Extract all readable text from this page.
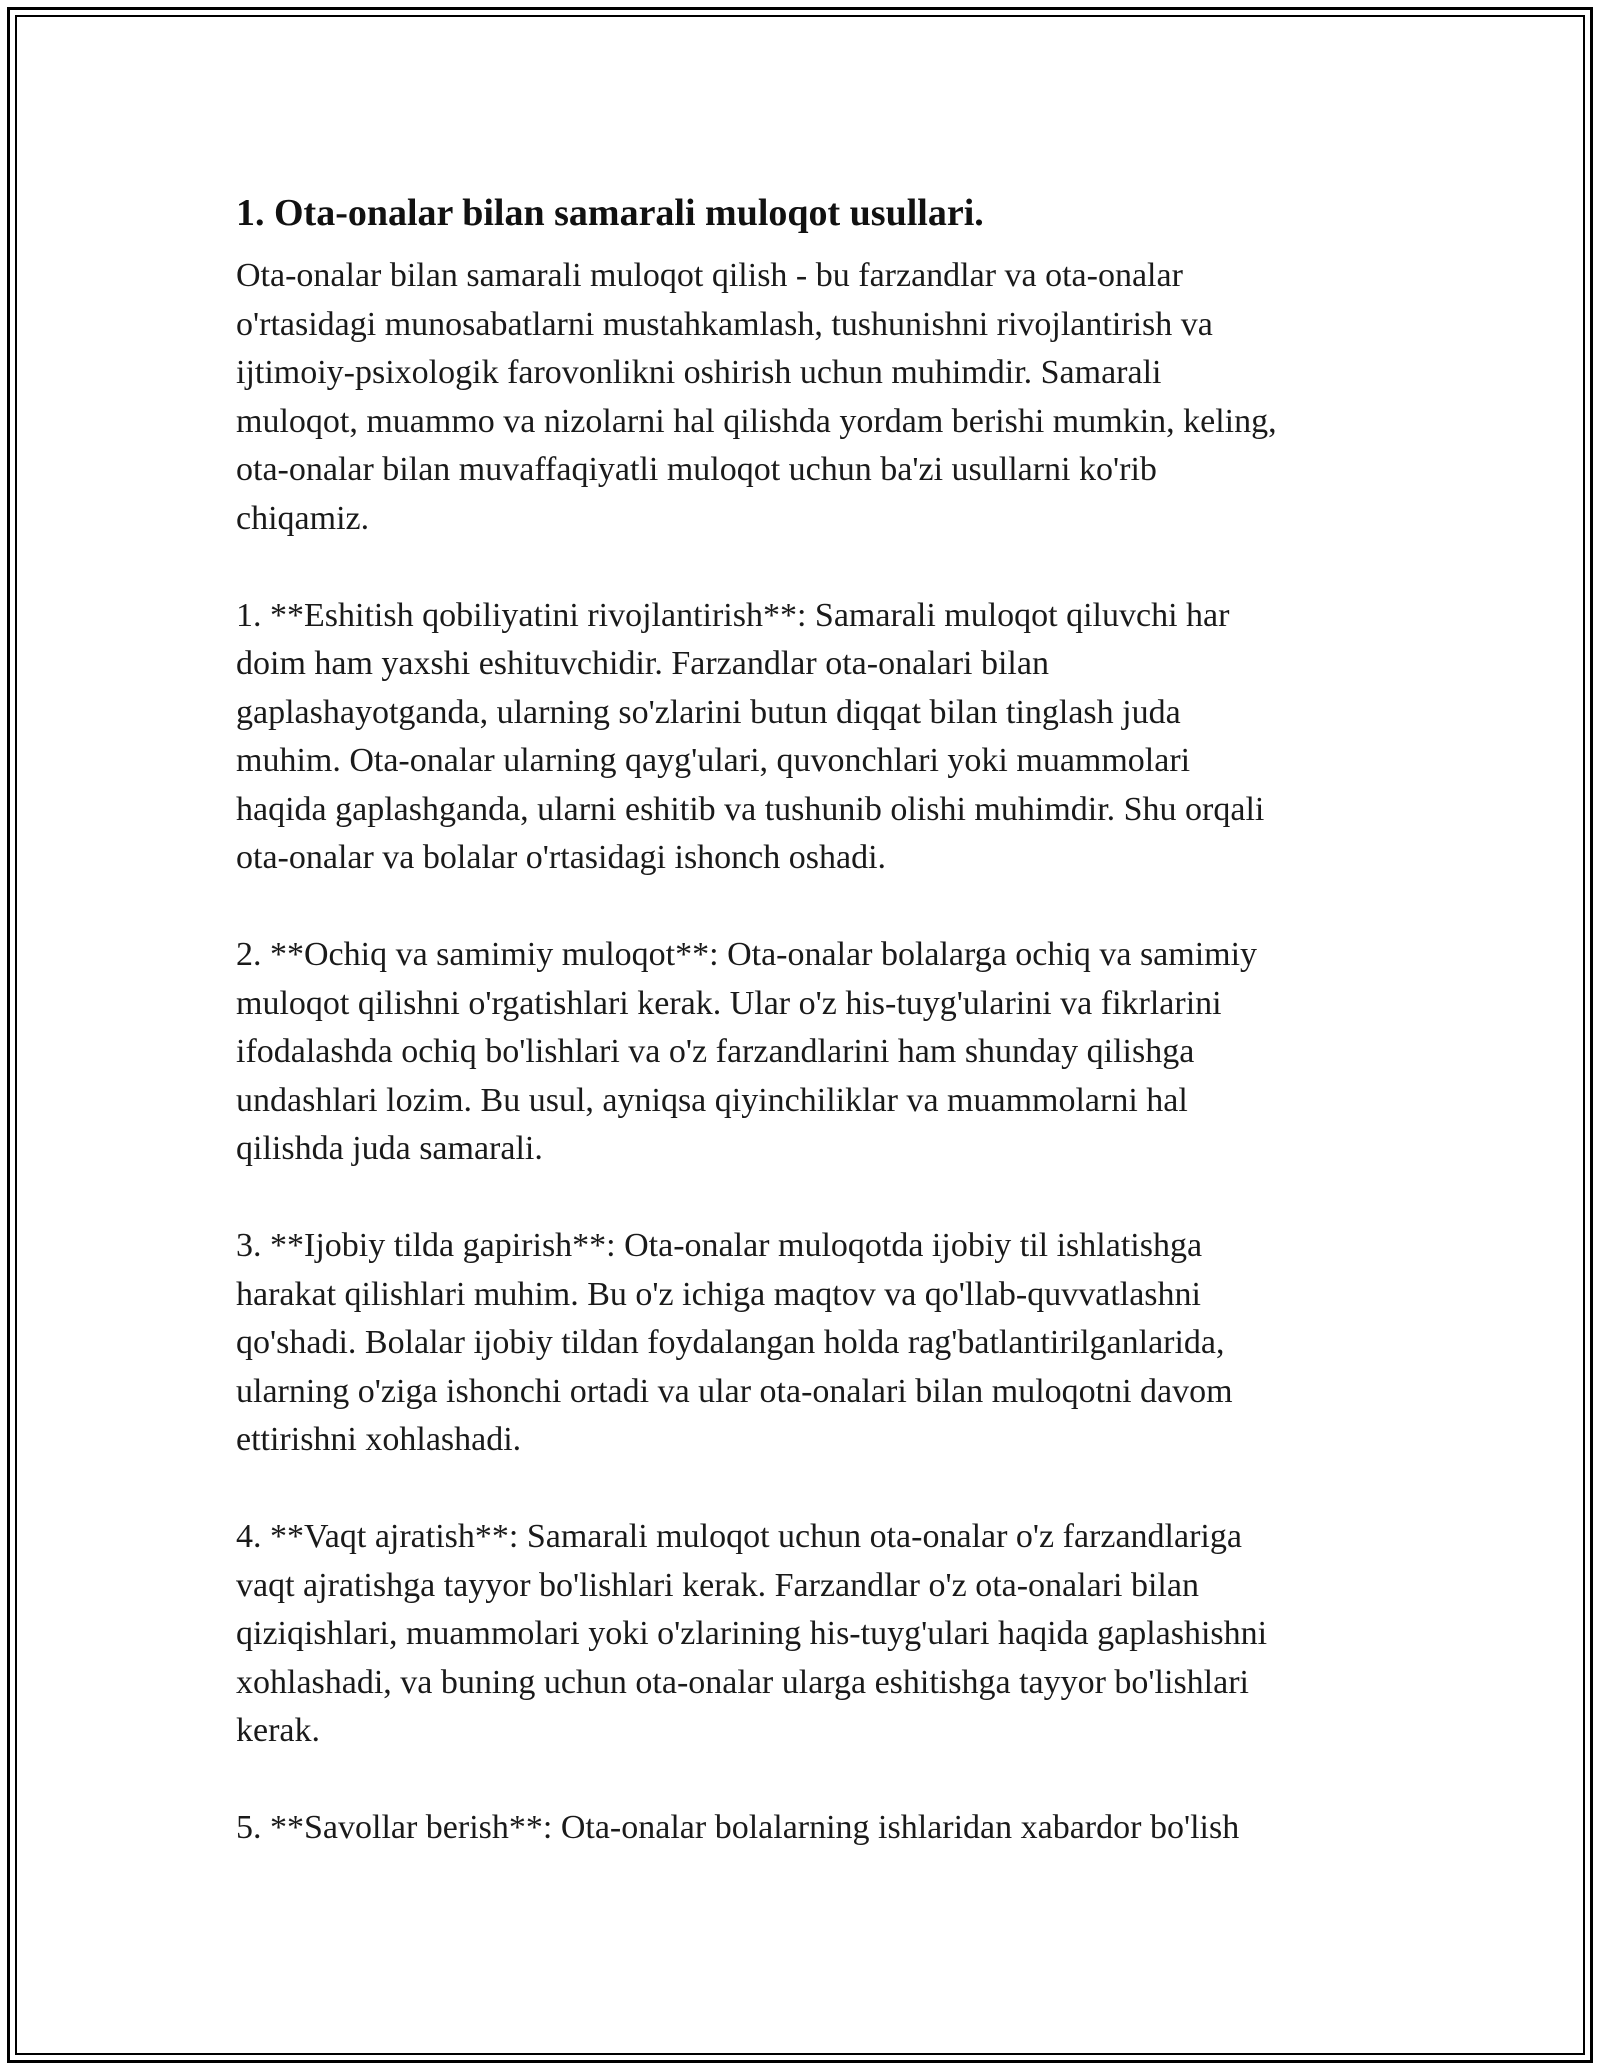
1. Ota-onalar bilan samarali muloqot usullari.

Ota-onalar bilan samarali muloqot qilish - bu farzandlar va ota-onalar
o'rtasidagi munosabatlarni mustahkamlash, tushunishni rivojlantirish va
ijtimoiy-psixologik farovonlikni oshirish uchun muhimdir. Samarali
muloqot, muammo va nizolarni hal qilishda yordam berishi mumkin, keling,
ota-onalar bilan muvaffaqiyatli muloqot uchun ba'zi usullarni ko'rib
chiqamiz.

1. **Eshitish qobiliyatini rivojlantirish**: Samarali muloqot qiluvchi har
doim ham yaxshi eshituvchidir. Farzandlar ota-onalari bilan
gaplashayotganda, ularning so'zlarini butun diqqat bilan tinglash juda
muhim. Ota-onalar ularning qayg'ulari, quvonchlari yoki muammolari
haqida gaplashganda, ularni eshitib va tushunib olishi muhimdir. Shu orqali
ota-onalar va bolalar o'rtasidagi ishonch oshadi.

2. **Ochiq va samimiy muloqot**: Ota-onalar bolalarga ochiq va samimiy
muloqot qilishni o'rgatishlari kerak. Ular o'z his-tuyg'ularini va fikrlarini
ifodalashda ochiq bo'lishlari va o'z farzandlarini ham shunday qilishga
undashlari lozim. Bu usul, ayniqsa qiyinchiliklar va muammolarni hal
qilishda juda samarali.

3. **Ijobiy tilda gapirish**: Ota-onalar muloqotda ijobiy til ishlatishga
harakat qilishlari muhim. Bu o'z ichiga maqtov va qo'llab-quvvatlashni
qo'shadi. Bolalar ijobiy tildan foydalangan holda rag'batlantirilganlarida,
ularning o'ziga ishonchi ortadi va ular ota-onalari bilan muloqotni davom
ettirishni xohlashadi.

4. **Vaqt ajratish**: Samarali muloqot uchun ota-onalar o'z farzandlariga
vaqt ajratishga tayyor bo'lishlari kerak. Farzandlar o'z ota-onalari bilan
qiziqishlari, muammolari yoki o'zlarining his-tuyg'ulari haqida gaplashishni
xohlashadi, va buning uchun ota-onalar ularga eshitishga tayyor bo'lishlari
kerak.

5. **Savollar berish**: Ota-onalar bolalarning ishlaridan xabardor bo'lish
